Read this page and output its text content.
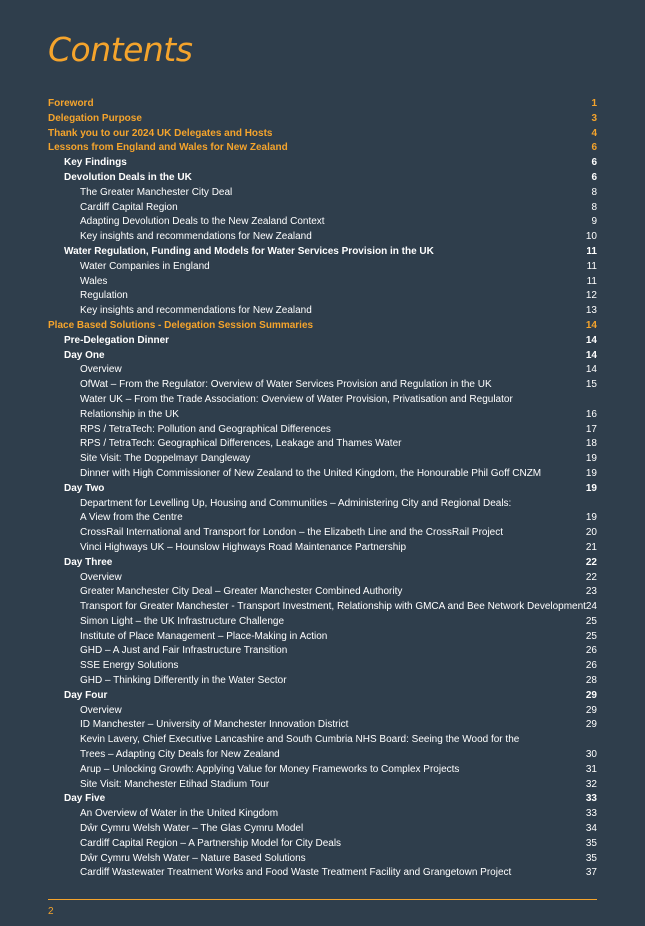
Contents
Foreword	1
Delegation Purpose	3
Thank you to our 2024 UK Delegates and Hosts	4
Lessons from England and Wales for New Zealand	6
Key Findings	6
Devolution Deals in the UK	6
The Greater Manchester City Deal	8
Cardiff Capital Region	8
Adapting Devolution Deals to the New Zealand Context	9
Key insights and recommendations for New Zealand	10
Water Regulation, Funding and Models for Water Services Provision in the UK	11
Water Companies in England	11
Wales	11
Regulation	12
Key insights and recommendations for New Zealand	13
Place Based Solutions - Delegation Session Summaries	14
Pre-Delegation Dinner	14
Day One	14
Overview	14
OfWat – From the Regulator: Overview of Water Services Provision and Regulation in the UK	15
Water UK – From the Trade Association: Overview of Water Provision, Privatisation and Regulator
Relationship in the UK	16
RPS / TetraTech: Pollution and Geographical Differences	17
RPS / TetraTech: Geographical Differences, Leakage and Thames Water	18
Site Visit: The Doppelmayr Dangleway	19
Dinner with High Commissioner of New Zealand to the United Kingdom, the Honourable Phil Goff CNZM	19
Day Two	19
Department for Levelling Up, Housing and Communities – Administering City and Regional Deals:
A View from the Centre	19
CrossRail International and Transport for London – the Elizabeth Line and the CrossRail Project	20
Vinci Highways UK – Hounslow Highways Road Maintenance Partnership	21
Day Three	22
Overview	22
Greater Manchester City Deal – Greater Manchester Combined Authority	23
Transport for Greater Manchester - Transport Investment, Relationship with GMCA and Bee Network Development 24
Simon Light – the UK Infrastructure Challenge	25
Institute of Place Management – Place-Making in Action	25
GHD – A Just and Fair Infrastructure Transition	26
SSE Energy Solutions	26
GHD – Thinking Differently in the Water Sector	28
Day Four	29
Overview	29
ID Manchester – University of Manchester Innovation District	29
Kevin Lavery, Chief Executive Lancashire and South Cumbria NHS Board: Seeing the Wood for the
Trees – Adapting City Deals for New Zealand	30
Arup – Unlocking Growth: Applying Value for Money Frameworks to Complex Projects	31
Site Visit: Manchester Etihad Stadium Tour	32
Day Five	33
An Overview of Water in the United Kingdom	33
Dŵr Cymru Welsh Water – The Glas Cymru Model	34
Cardiff Capital Region – A Partnership Model for City Deals	35
Dŵr Cymru Welsh Water – Nature Based Solutions	35
Cardiff Wastewater Treatment Works and Food Waste Treatment Facility and Grangetown Project	37
2
